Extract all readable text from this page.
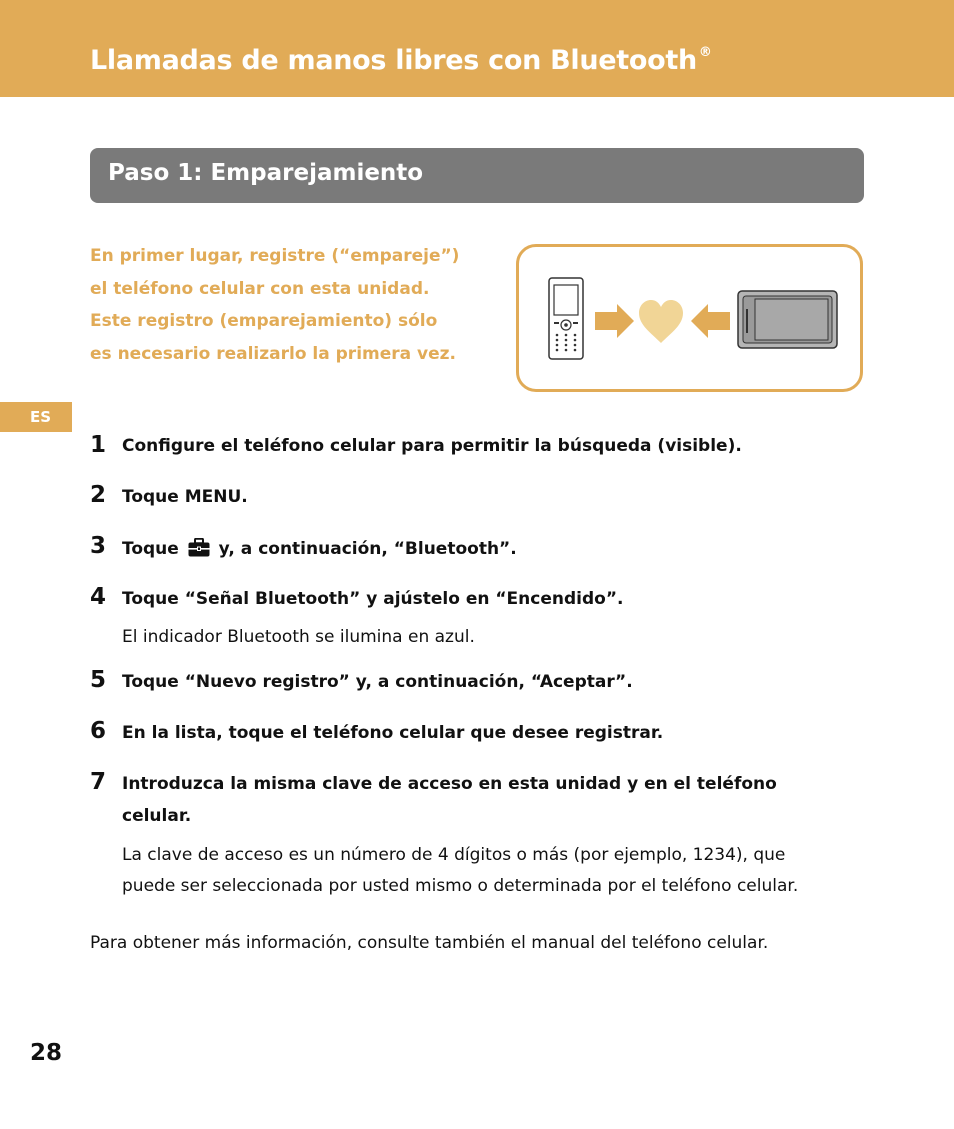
Llamadas de manos libres con Bluetooth ®
Paso 1: Emparejamiento
En primer lugar, registre (“empareje”)
el teléfono celular con esta unidad.
Este registro (emparejamiento) sólo
es necesario realizarlo la primera vez.
ES
1 Configure el teléfono celular para permitir la búsqueda (visible).
2 Toque MENU.
3 Toque y, a continuación, “Bluetooth”.
4 Toque “Señal Bluetooth” y ajústelo en “Encendido”.
El indicador Bluetooth se ilumina en azul.
5 Toque “Nuevo registro” y, a continuación, “Aceptar”.
6 En la lista, toque el teléfono celular que desee registrar.
7 Introduzca la misma clave de acceso en esta unidad y en el teléfono
celular.
La clave de acceso es un número de 4 dígitos o más (por ejemplo, 1234), que
puede ser seleccionada por usted mismo o determinada por el teléfono celular.
Para obtener más información, consulte también el manual del teléfono celular.
28
